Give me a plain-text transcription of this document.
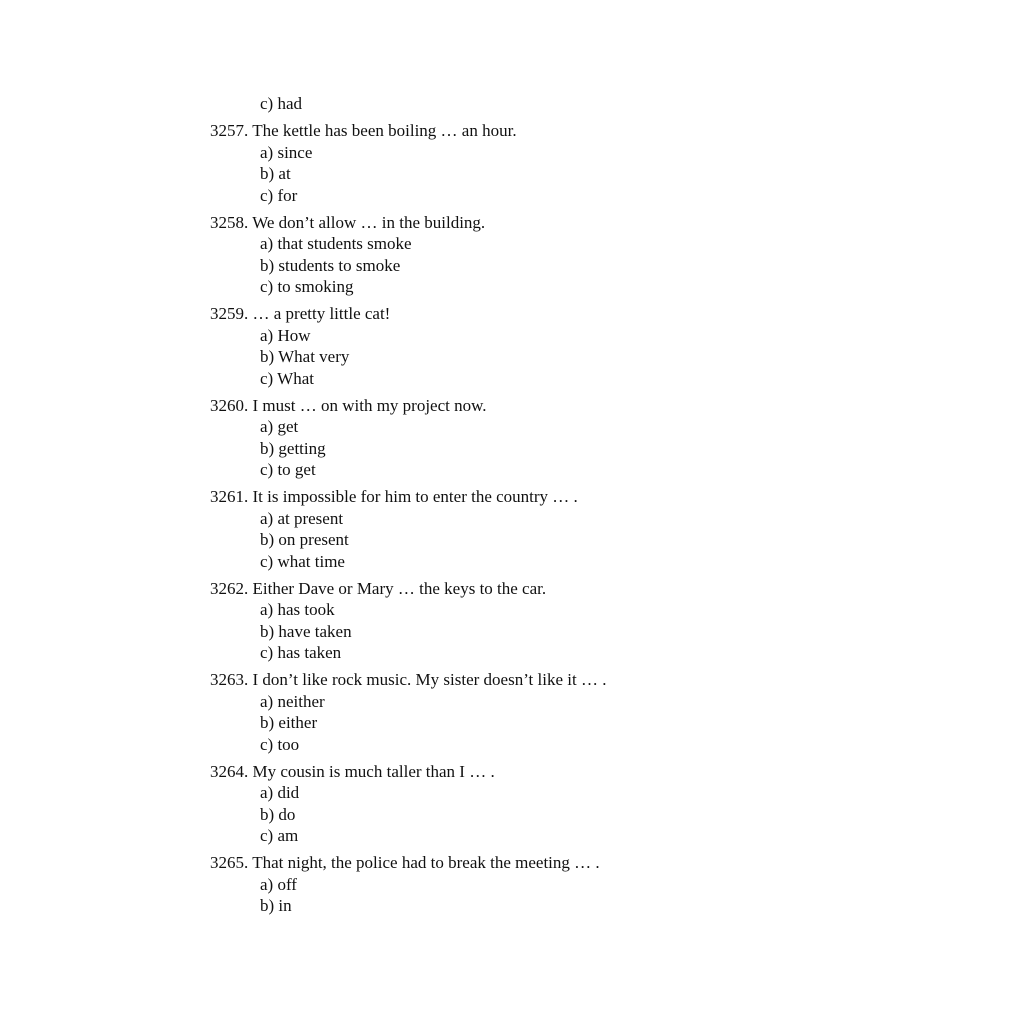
c) had
3257. The kettle has been boiling … an hour.
a) since
b) at
c) for
3258. We don’t allow … in the building.
a) that students smoke
b) students to smoke
c) to smoking
3259. … a pretty little cat!
a) How
b) What very
c) What
3260. I must … on with my project now.
a) get
b) getting
c) to get
3261. It is impossible for him to enter the country … .
a) at present
b) on present
c) what time
3262. Either Dave or Mary … the keys to the car.
a) has took
b) have taken
c) has taken
3263. I don’t like rock music. My sister doesn’t like it … .
a) neither
b) either
c) too
3264. My cousin is much taller than I … .
a) did
b) do
c) am
3265. That night, the police had to break the meeting … .
a) off
b) in
